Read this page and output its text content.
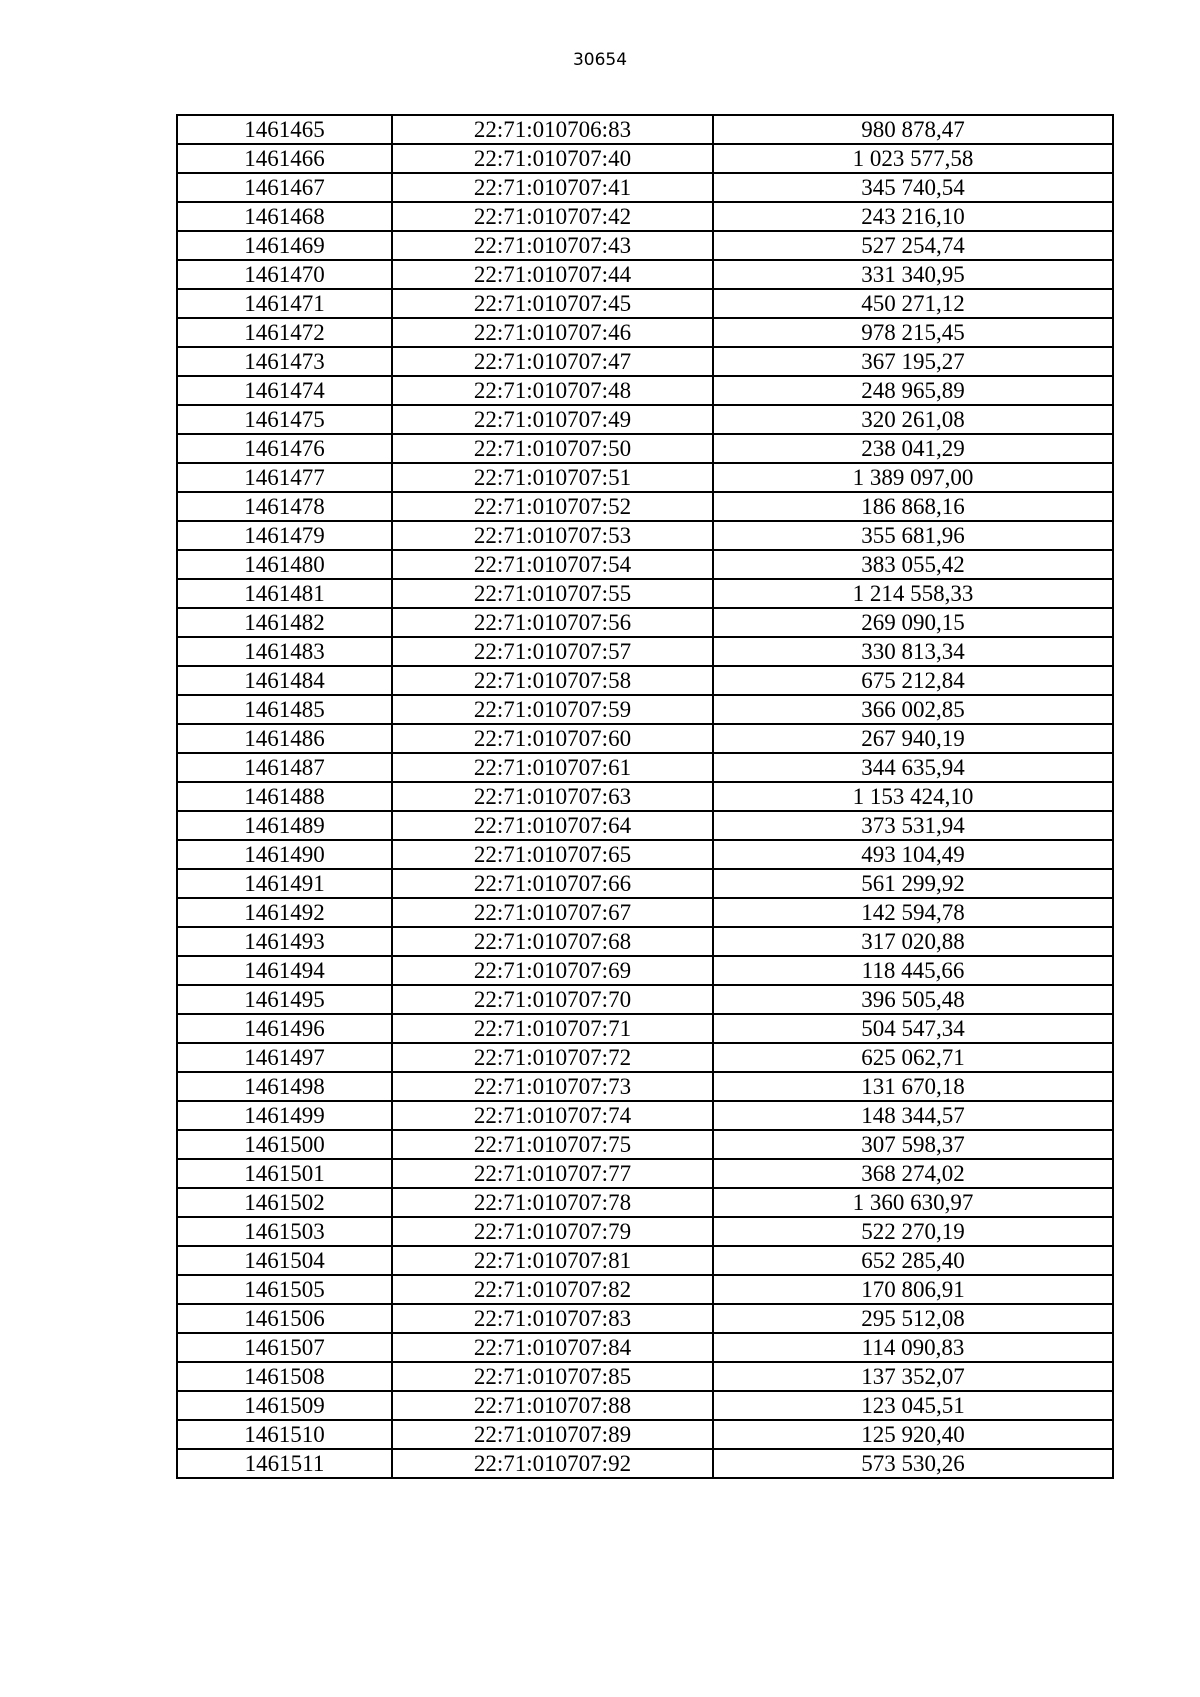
30654
1461465	22:71:010706:83	980 878,47
1461466	22:71:010707:40	1 023 577,58
1461467	22:71:010707:41	345 740,54
1461468	22:71:010707:42	243 216,10
1461469	22:71:010707:43	527 254,74
1461470	22:71:010707:44	331 340,95
1461471	22:71:010707:45	450 271,12
1461472	22:71:010707:46	978 215,45
1461473	22:71:010707:47	367 195,27
1461474	22:71:010707:48	248 965,89
1461475	22:71:010707:49	320 261,08
1461476	22:71:010707:50	238 041,29
1461477	22:71:010707:51	1 389 097,00
1461478	22:71:010707:52	186 868,16
1461479	22:71:010707:53	355 681,96
1461480	22:71:010707:54	383 055,42
1461481	22:71:010707:55	1 214 558,33
1461482	22:71:010707:56	269 090,15
1461483	22:71:010707:57	330 813,34
1461484	22:71:010707:58	675 212,84
1461485	22:71:010707:59	366 002,85
1461486	22:71:010707:60	267 940,19
1461487	22:71:010707:61	344 635,94
1461488	22:71:010707:63	1 153 424,10
1461489	22:71:010707:64	373 531,94
1461490	22:71:010707:65	493 104,49
1461491	22:71:010707:66	561 299,92
1461492	22:71:010707:67	142 594,78
1461493	22:71:010707:68	317 020,88
1461494	22:71:010707:69	118 445,66
1461495	22:71:010707:70	396 505,48
1461496	22:71:010707:71	504 547,34
1461497	22:71:010707:72	625 062,71
1461498	22:71:010707:73	131 670,18
1461499	22:71:010707:74	148 344,57
1461500	22:71:010707:75	307 598,37
1461501	22:71:010707:77	368 274,02
1461502	22:71:010707:78	1 360 630,97
1461503	22:71:010707:79	522 270,19
1461504	22:71:010707:81	652 285,40
1461505	22:71:010707:82	170 806,91
1461506	22:71:010707:83	295 512,08
1461507	22:71:010707:84	114 090,83
1461508	22:71:010707:85	137 352,07
1461509	22:71:010707:88	123 045,51
1461510	22:71:010707:89	125 920,40
1461511	22:71:010707:92	573 530,26
